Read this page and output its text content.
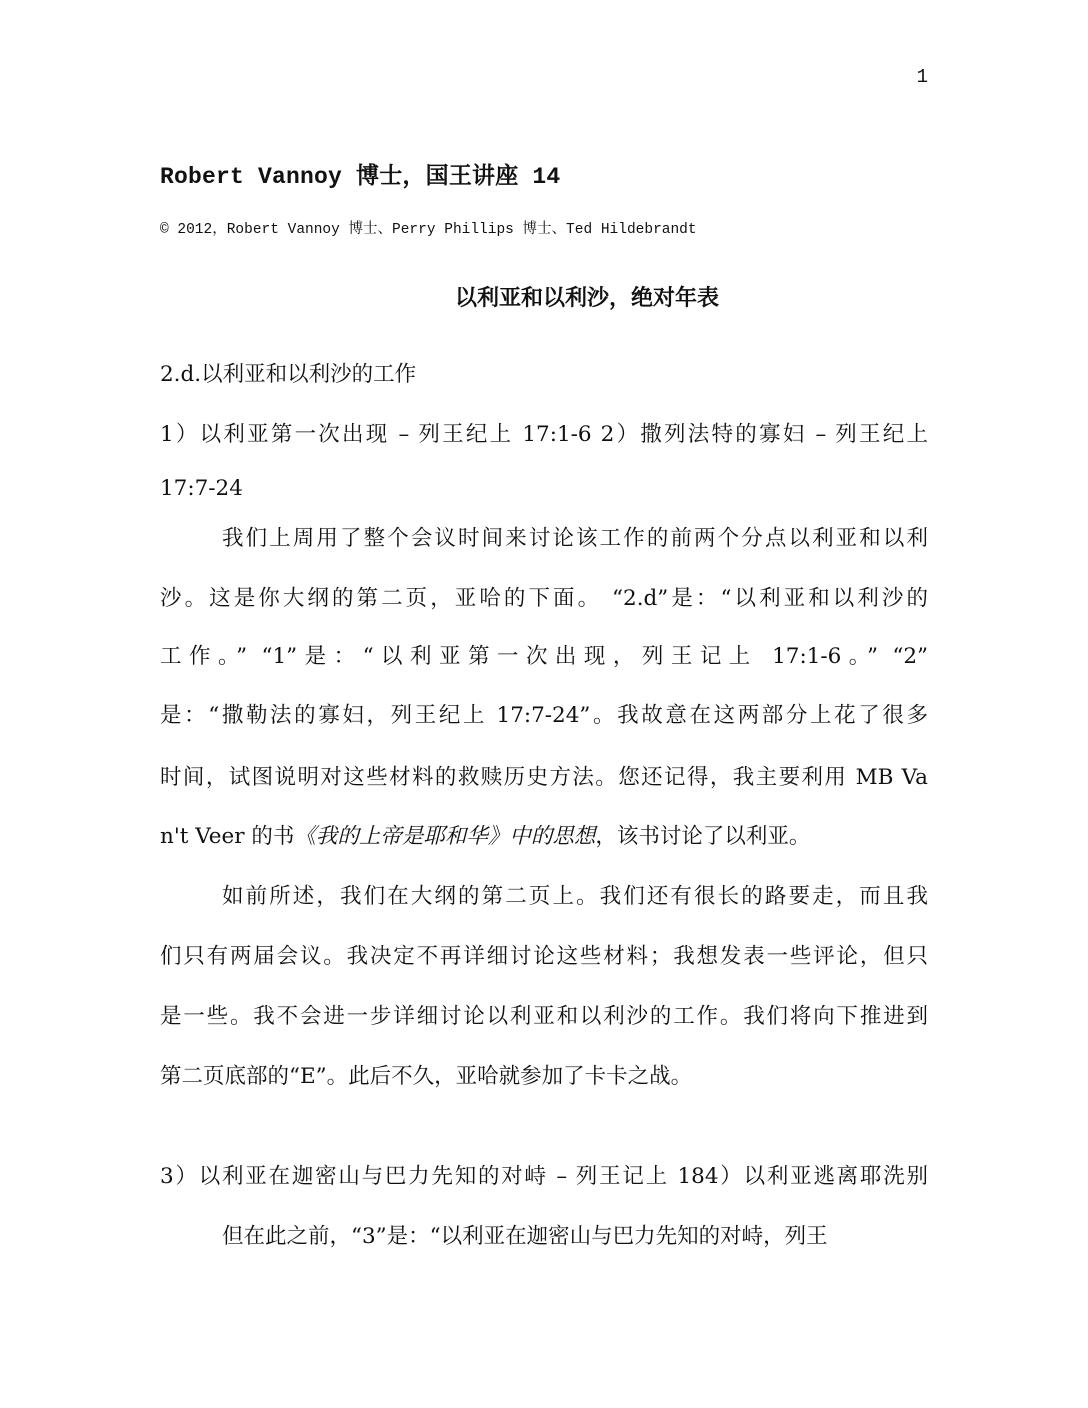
1
Robert Vannoy 博士，国王讲座 14
© 2012，Robert Vannoy 博士、Perry Phillips 博士、Ted Hildebrandt
以利亚和以利沙，绝对年表
2.d.以利亚和以利沙的工作
1）以利亚第一次出现 – 列王纪上 17:1-6 2）撒列法特的寡妇 – 列王纪上
17:7-24
我们上周用了整个会议时间来讨论该工作的前两个分点以利亚和以利
沙。这是你大纲的第二页，亚哈的下面。 “2.d”是：“以利亚和以利沙的
工作。” “1”是：“以利亚第一次出现，列王记上 17:1-6。” “2”
是：“撒勒法的寡妇，列王纪上 17:7-24”。我故意在这两部分上花了很多
时间，试图说明对这些材料的救赎历史方法。您还记得，我主要利用 MB Va
n't Veer 的书《我的上帝是耶和华》中的思想，该书讨论了以利亚。
如前所述，我们在大纲的第二页上。我们还有很长的路要走，而且我
们只有两届会议。我决定不再详细讨论这些材料；我想发表一些评论，但只
是一些。我不会进一步详细讨论以利亚和以利沙的工作。我们将向下推进到
第二页底部的“E”。此后不久，亚哈就参加了卡卡之战。
3）以利亚在迦密山与巴力先知的对峙 – 列王记上 184）以利亚逃离耶洗别
但在此之前，“3”是：“以利亚在迦密山与巴力先知的对峙，列王
